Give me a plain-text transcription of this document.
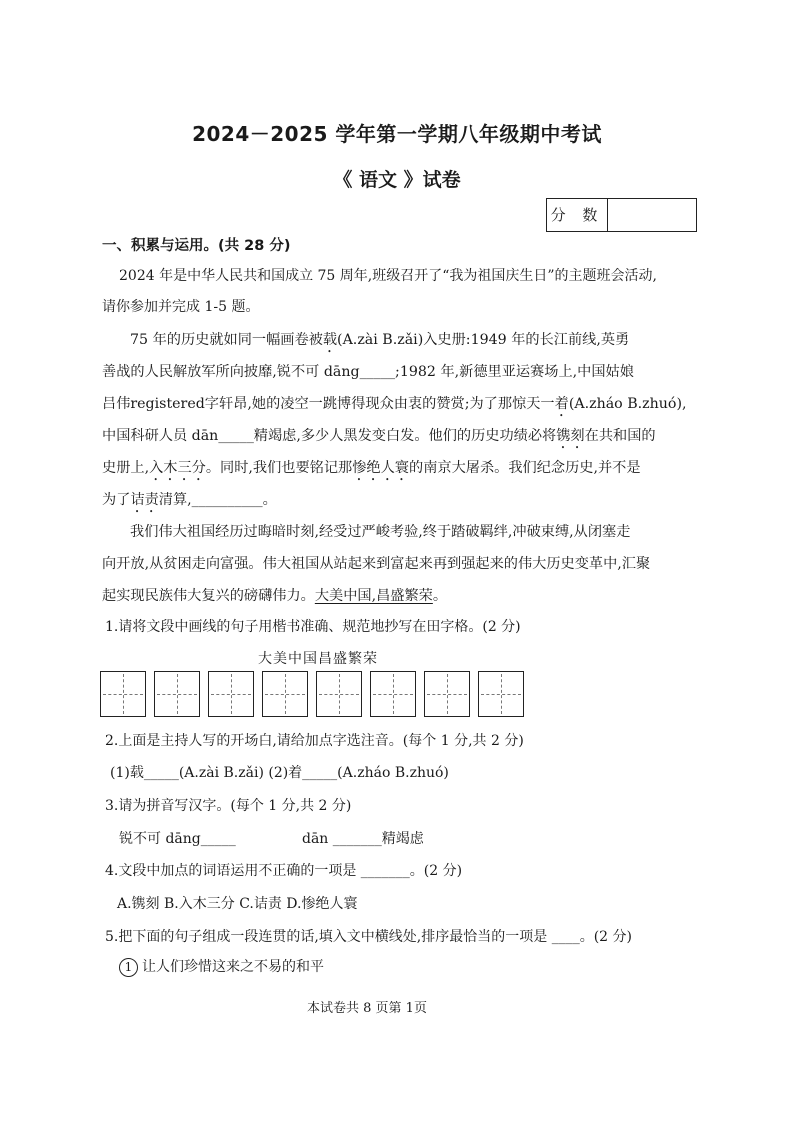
2024－2025 学年第一学期八年级期中考试
《 语文 》试卷
分 数
一、积累与运用。(共 28 分)
2024 年是中华人民共和国成立 75 周年,班级召开了“我为祖国庆生日”的主题班会活动,
请你参加并完成 1-5 题。
75 年的历史就如同一幅画卷被载(A.zài B.zǎi)入史册:1949 年的长江前线,英勇
善战的人民解放军所向披靡,锐不可 dāng_____;1982 年,新德里亚运赛场上,中国姑娘
吕伟registered字轩昂,她的凌空一跳博得现众由衷的赞赏;为了那惊天一着(A.zháo B.zhuó),
中国科研人员 dān_____精竭虑,多少人黑发变白发。他们的历史功绩必将镌刻在共和国的
史册上,入木三分。同时,我们也要铭记那惨绝人寰的南京大屠杀。我们纪念历史,并不是
为了诘责清算,__________。
我们伟大祖国经历过晦暗时刻,经受过严峻考验,终于踏破羁绊,冲破束缚,从闭塞走
向开放,从贫困走向富强。伟大祖国从站起来到富起来再到强起来的伟大历史变革中,汇聚
起实现民族伟大复兴的磅礴伟力。大美中国,昌盛繁荣。
1.请将文段中画线的句子用楷书准确、规范地抄写在田字格。(2 分)
大美中国昌盛繁荣
2.上面是主持人写的开场白,请给加点字选注音。(每个 1 分,共 2 分)
(1)载_____(A.zài B.zǎi) (2)着_____(A.zháo B.zhuó)
3.请为拼音写汉字。(每个 1 分,共 2 分)
锐不可 dāng_____	dān _______精竭虑
4.文段中加点的词语运用不正确的一项是 _______。(2 分)
A.镌刻 B.入木三分 C.诘责 D.惨绝人寰
5.把下面的句子组成一段连贯的话,填入文中横线处,排序最恰当的一项是 ____。(2 分)
1 让人们珍惜这来之不易的和平
本试卷共 8 页第 1页
